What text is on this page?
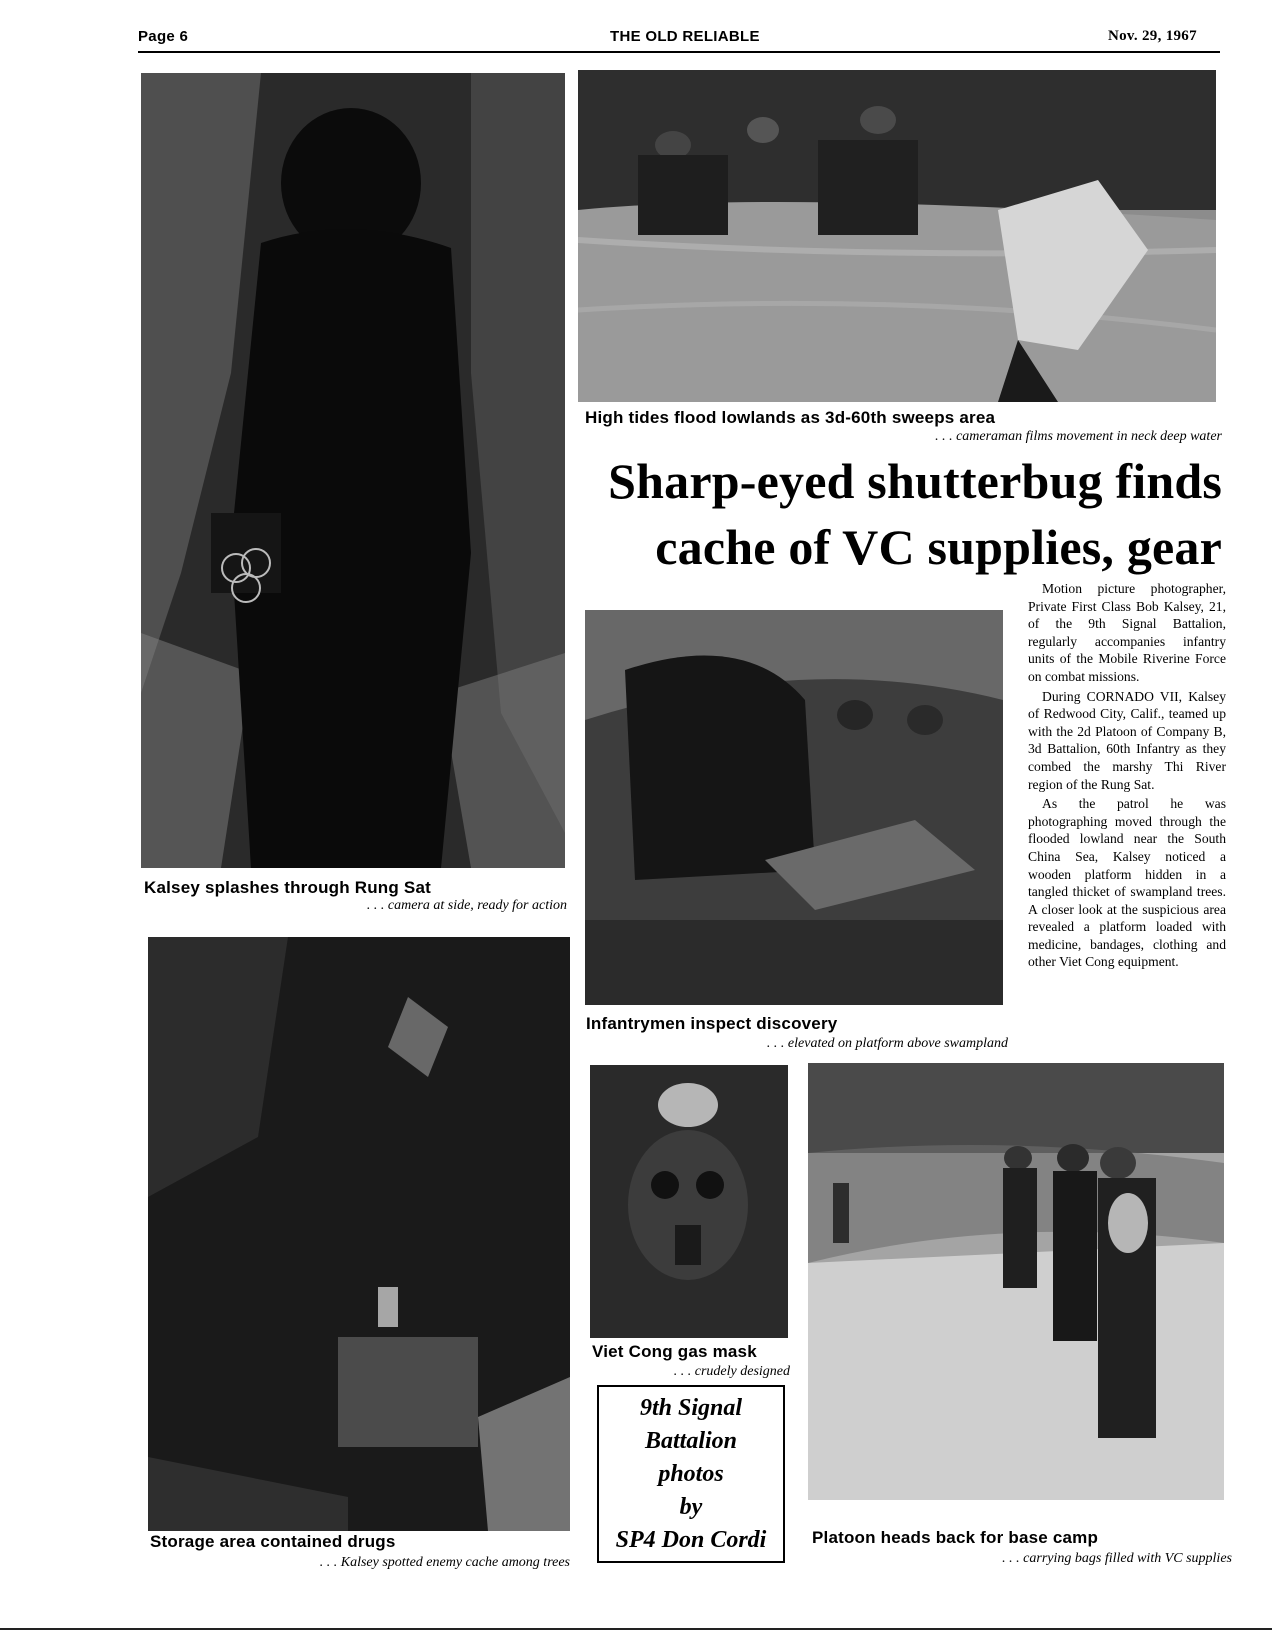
Page 6	THE OLD RELIABLE	Nov. 29, 1967
High tides flood lowlands as 3d-60th sweeps area
. . . cameraman films movement in neck deep water
Kalsey splashes through Rung Sat
. . . camera at side, ready for action
Infantrymen inspect discovery
. . . elevated on platform above swampland
Viet Cong gas mask
. . . crudely designed
Storage area contained drugs
. . . Kalsey spotted enemy cache among trees
Platoon heads back for base camp
. . . carrying bags filled with VC supplies
Sharp-eyed shutterbug finds
cache of VC supplies, gear

Motion picture photographer, Private First Class Bob Kalsey, 21, of the 9th Signal Battalion, regularly accompanies infantry units of the Mobile Riverine Force on combat missions.

During CORNADO VII, Kalsey of Redwood City, Calif., teamed up with the 2d Platoon of Company B, 3d Battalion, 60th Infantry as they combed the marshy Thi River region of the Rung Sat.

As the patrol he was photographing moved through the flooded lowland near the South China Sea, Kalsey noticed a wooden platform hidden in a tangled thicket of swampland trees. A closer look at the suspicious area revealed a platform loaded with medicine, bandages, clothing and other Viet Cong equipment.

9th Signal
Battalion
photos
by
SP4 Don Cordi
